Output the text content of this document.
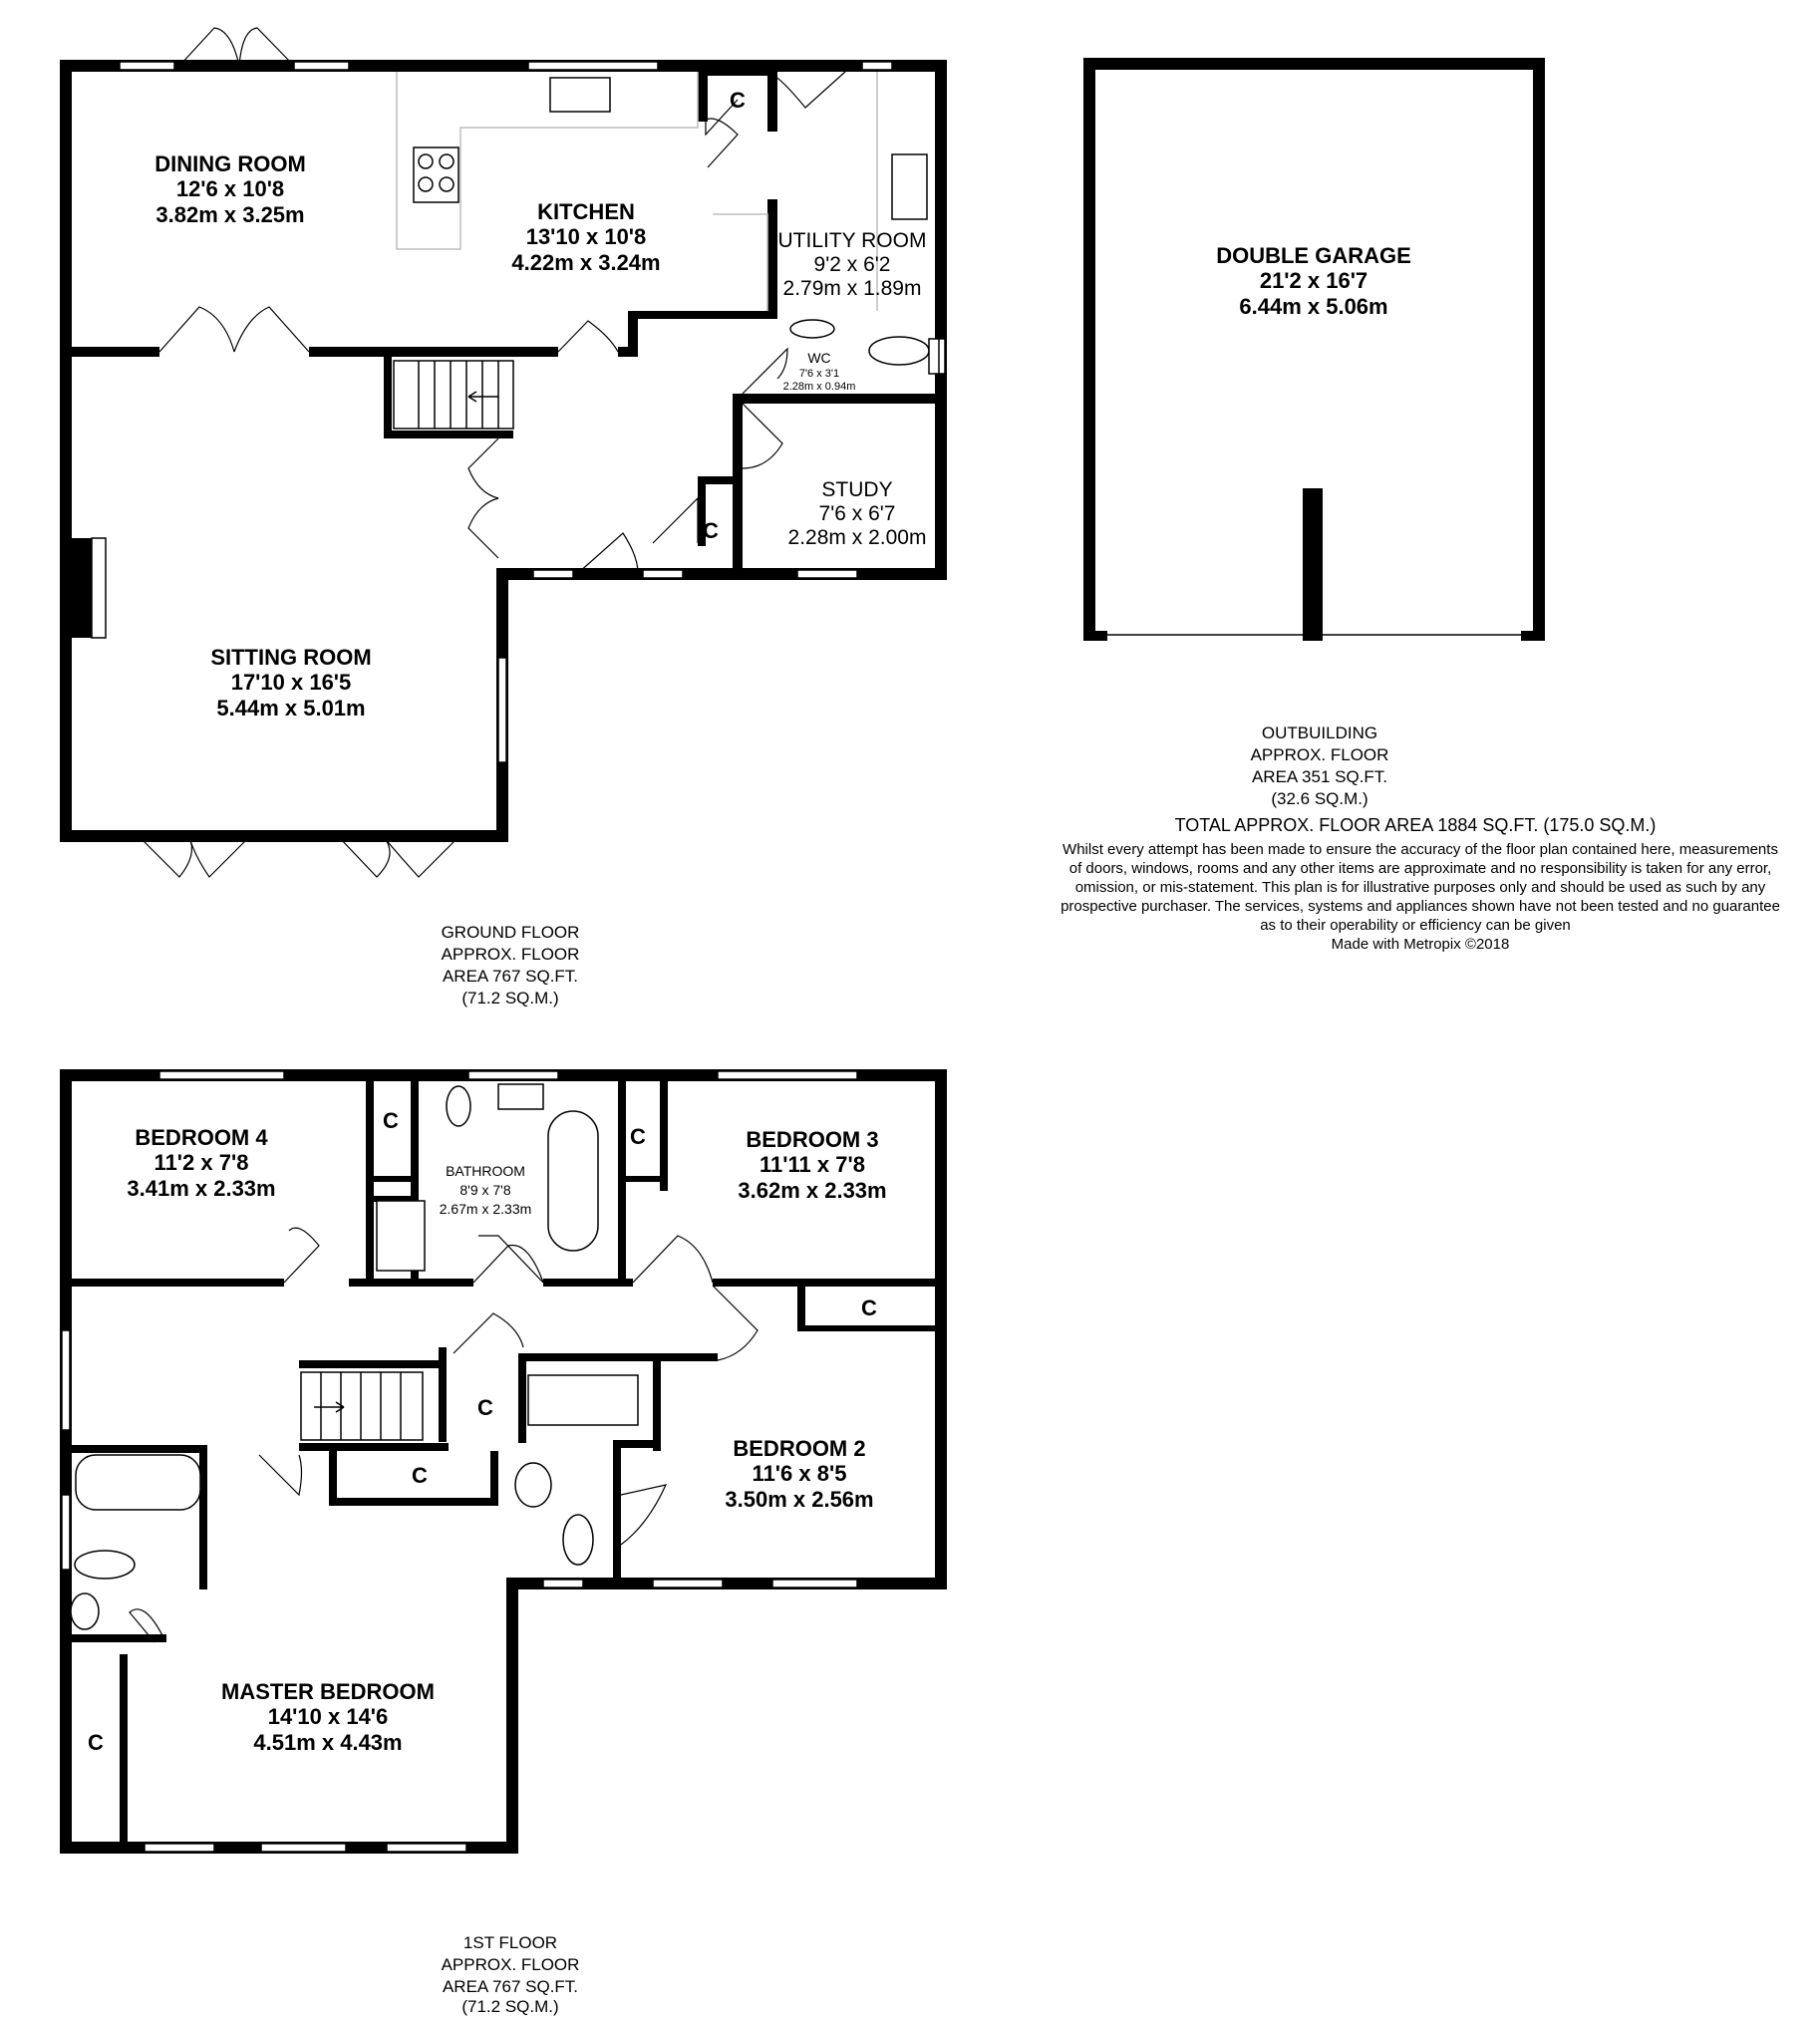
DINING ROOM
12'6 x 10'8
3.82m x 3.25m	KITCHEN
13'10 x 10'8
4.22m x 3.24m
UTILITY ROOM
9'2 x 6'2
2.79m x 1.89m
WC
7'6 x 3'1
2.28m x 0.94m
STUDY
7'6 x 6'7
2.28m x 2.00m
SITTING ROOM
17'10 x 16'5
5.44m x 5.01m
C
C
GROUND FLOOR
APPROX. FLOOR
AREA 767 SQ.FT.
(71.2 SQ.M.)
DOUBLE GARAGE
21'2 x 16'7
6.44m x 5.06m
OUTBUILDING
APPROX. FLOOR
AREA 351 SQ.FT.
(32.6 SQ.M.)
TOTAL APPROX. FLOOR AREA 1884 SQ.FT. (175.0 SQ.M.)
Whilst every attempt has been made to ensure the accuracy of the floor plan contained here, measurements
of doors, windows, rooms and any other items are approximate and no responsibility is taken for any error,
omission, or mis-statement. This plan is for illustrative purposes only and should be used as such by any
prospective purchaser. The services, systems and appliances shown have not been tested and no guarantee
as to their operability or efficiency can be given
Made with Metropix ©2018
BEDROOM 4
11'2 x 7'8
3.41m x 2.33m
BATHROOM
8'9 x 7'8
2.67m x 2.33m
BEDROOM 3
11'11 x 7'8
3.62m x 2.33m
BEDROOM 2
11'6 x 8'5
3.50m x 2.56m
MASTER BEDROOM
14'10 x 14'6
4.51m x 4.43m
C
C
C
C
C
C
1ST FLOOR
APPROX. FLOOR
AREA 767 SQ.FT.
(71.2 SQ.M.)
